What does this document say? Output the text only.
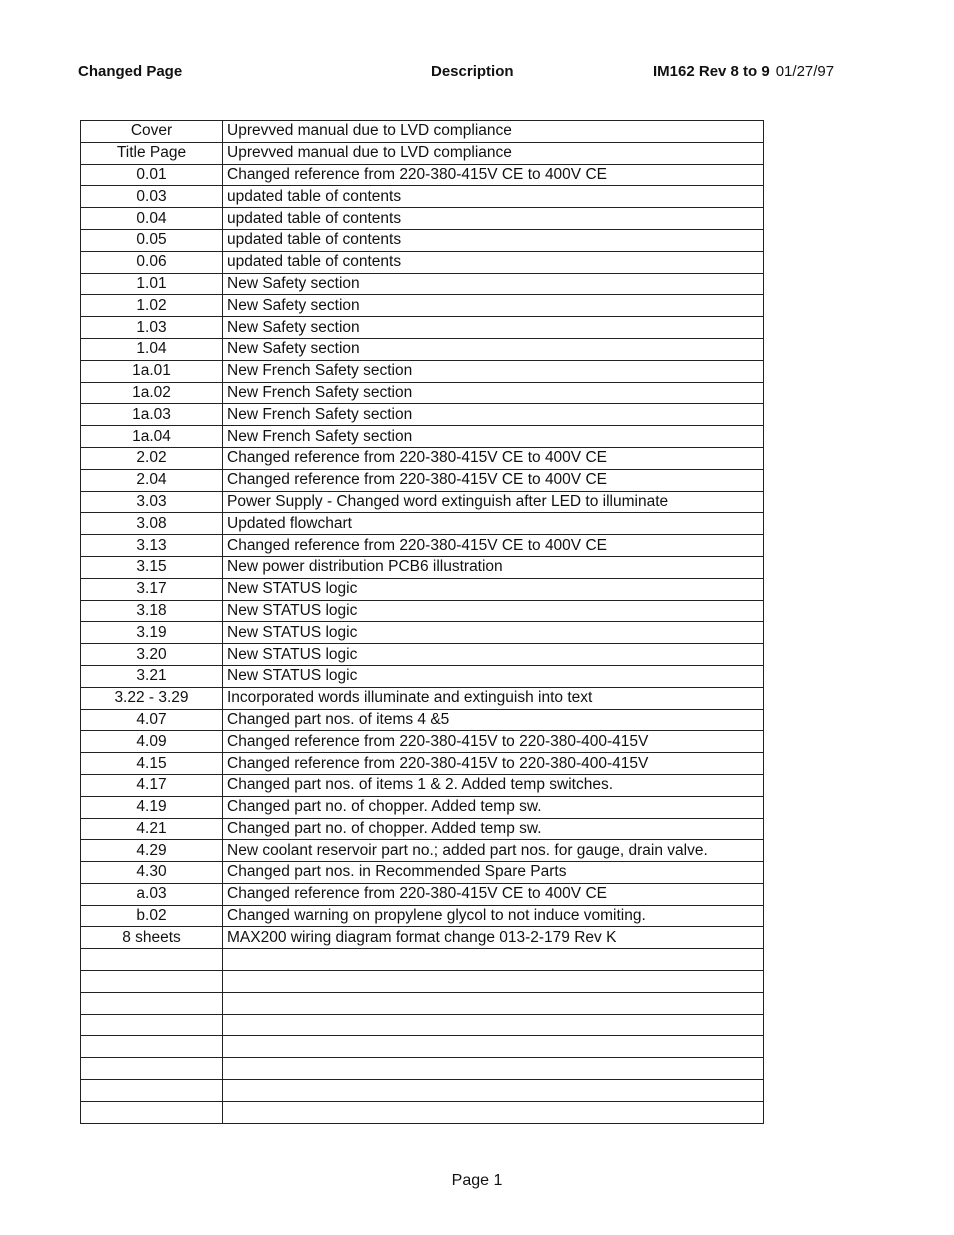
Changed Page	Description	IM162 Rev 8 to 9 01/27/97
Cover	Uprevved manual due to LVD compliance
Title Page	Uprevved manual due to LVD compliance
0.01	Changed reference from 220-380-415V CE to 400V CE
0.03	updated table of contents
0.04	updated table of contents
0.05	updated table of contents
0.06	updated table of contents
1.01	New Safety section
1.02	New Safety section
1.03	New Safety section
1.04	New Safety section
1a.01	New French Safety section
1a.02	New French Safety section
1a.03	New French Safety section
1a.04	New French Safety section
2.02	Changed reference from 220-380-415V CE to 400V CE
2.04	Changed reference from 220-380-415V CE to 400V CE
3.03	Power Supply - Changed word extinguish after LED to illuminate
3.08	Updated flowchart
3.13	Changed reference from 220-380-415V CE to 400V CE
3.15	New power distribution PCB6 illustration
3.17	New STATUS logic
3.18	New STATUS logic
3.19	New STATUS logic
3.20	New STATUS logic
3.21	New STATUS logic
3.22 - 3.29	Incorporated words illuminate and extinguish into text
4.07	Changed part nos. of items 4 &5
4.09	Changed reference from 220-380-415V to 220-380-400-415V
4.15	Changed reference from 220-380-415V to 220-380-400-415V
4.17	Changed part nos. of items 1 & 2. Added temp switches.
4.19	Changed part no. of chopper. Added temp sw.
4.21	Changed part no. of chopper. Added temp sw.
4.29	New coolant reservoir part no.; added part nos. for gauge, drain valve.
4.30	Changed part nos. in Recommended Spare Parts
a.03	Changed reference from 220-380-415V CE to 400V CE
b.02	Changed warning on propylene glycol to not induce vomiting.
8 sheets	MAX200 wiring diagram format change 013-2-179 Rev K

Page 1
